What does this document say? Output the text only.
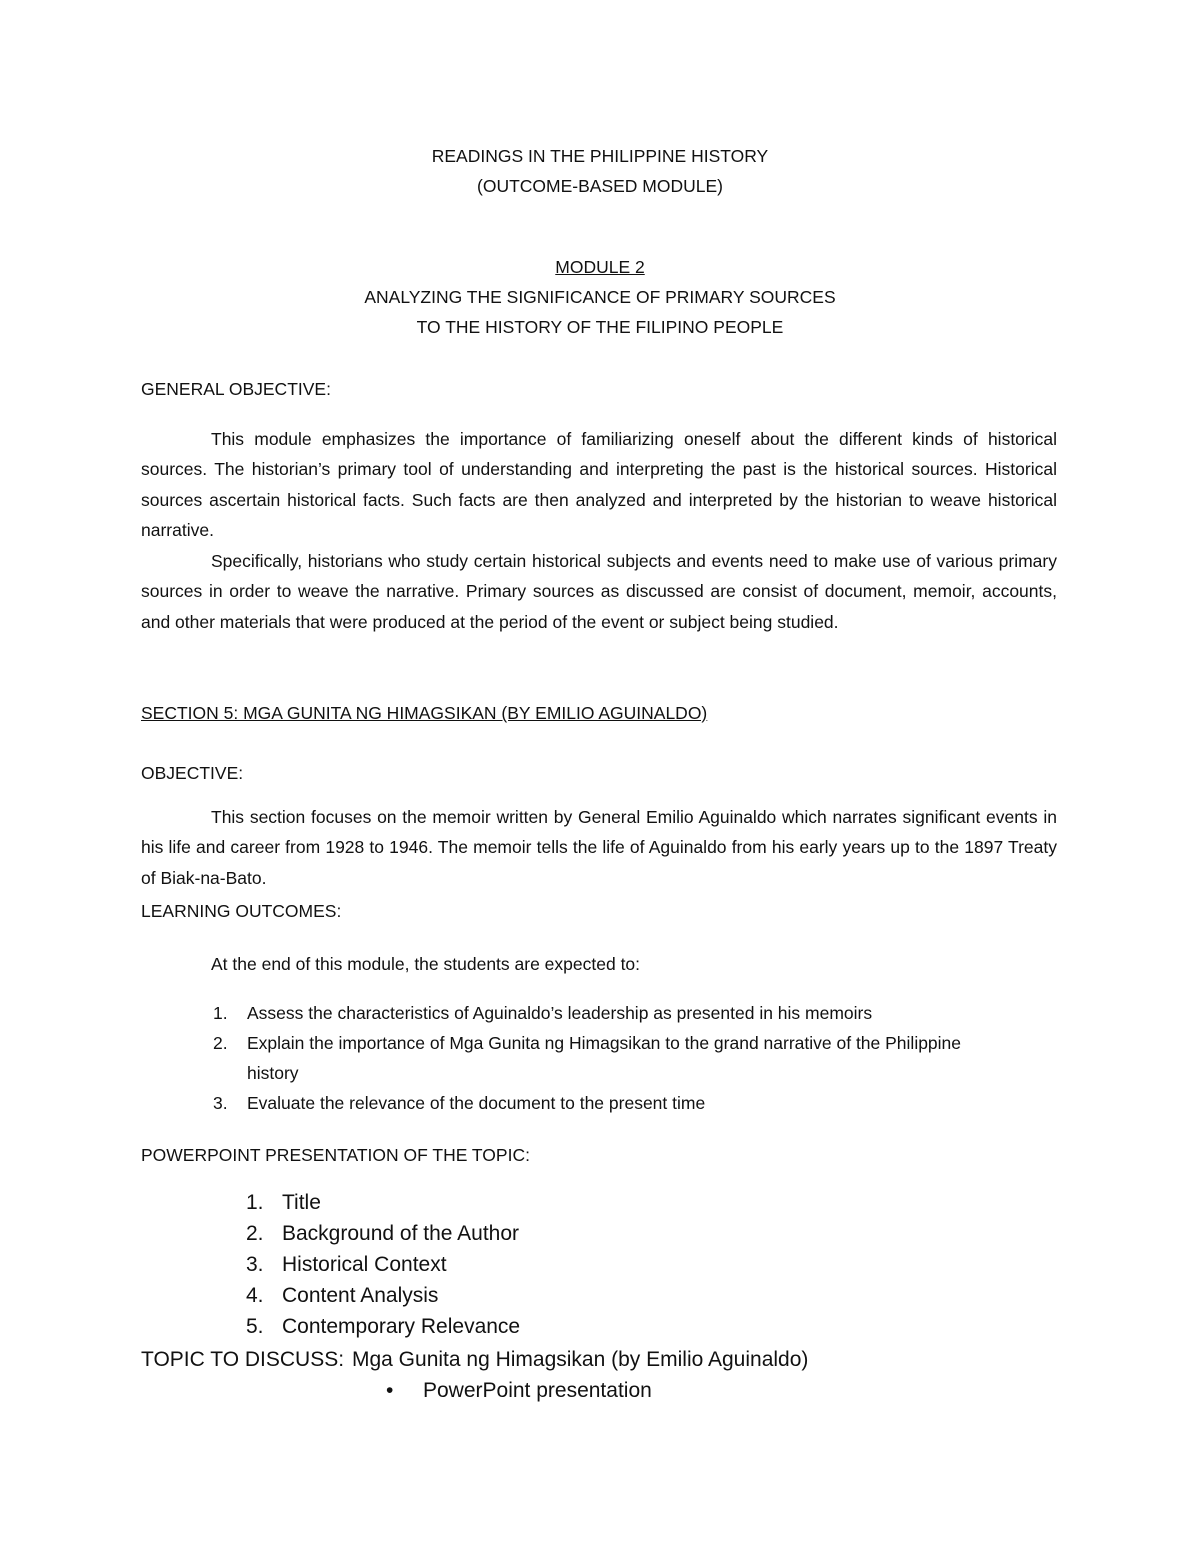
READINGS IN THE PHILIPPINE HISTORY

(OUTCOME-BASED MODULE)

MODULE 2

ANALYZING THE SIGNIFICANCE OF PRIMARY SOURCES

TO THE HISTORY OF THE FILIPINO PEOPLE

GENERAL OBJECTIVE:

This module emphasizes the importance of familiarizing oneself about the different kinds of historical sources. The historian’s primary tool of understanding and interpreting the past is the historical sources. Historical sources ascertain historical facts. Such facts are then analyzed and interpreted by the historian to weave historical narrative.

Specifically, historians who study certain historical subjects and events need to make use of various primary sources in order to weave the narrative. Primary sources as discussed are consist of document, memoir, accounts, and other materials that were produced at the period of the event or subject being studied.

SECTION 5: MGA GUNITA NG HIMAGSIKAN (BY EMILIO AGUINALDO)

OBJECTIVE:

This section focuses on the memoir written by General Emilio Aguinaldo which narrates significant events in his life and career from 1928 to 1946. The memoir tells the life of Aguinaldo from his early years up to the 1897 Treaty of Biak-na-Bato.

LEARNING OUTCOMES:

At the end of this module, the students are expected to:

1. Assess the characteristics of Aguinaldo’s leadership as presented in his memoirs
2. Explain the importance of Mga Gunita ng Himagsikan to the grand narrative of the Philippine
history
3. Evaluate the relevance of the document to the present time

POWERPOINT PRESENTATION OF THE TOPIC:

1. Title
2. Background of the Author
3. Historical Context
4. Content Analysis
5. Contemporary Relevance
TOPIC TO DISCUSS: Mga Gunita ng Himagsikan (by Emilio Aguinaldo)
• PowerPoint presentation
